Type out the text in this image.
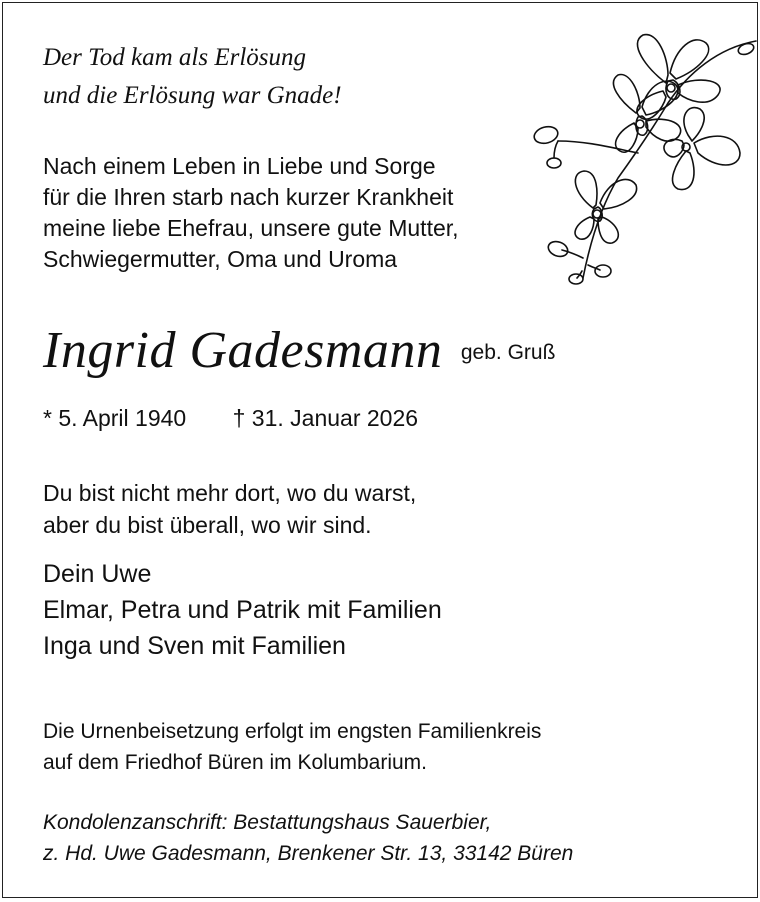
Der Tod kam als Erlösung
und die Erlösung war Gnade!
Nach einem Leben in Liebe und Sorge
für die Ihren starb nach kurzer Krankheit
meine liebe Ehefrau, unsere gute Mutter,
Schwiegermutter, Oma und Uroma
Ingrid Gadesmann geb. Gruß
* 5. April 1940 † 31. Januar 2026
Du bist nicht mehr dort, wo du warst,
aber du bist überall, wo wir sind.
Dein Uwe
Elmar, Petra und Patrik mit Familien
Inga und Sven mit Familien
Die Urnenbeisetzung erfolgt im engsten Familienkreis
auf dem Friedhof Büren im Kolumbarium.
Kondolenzanschrift: Bestattungshaus Sauerbier,
z. Hd. Uwe Gadesmann, Brenkener Str. 13, 33142 Büren
